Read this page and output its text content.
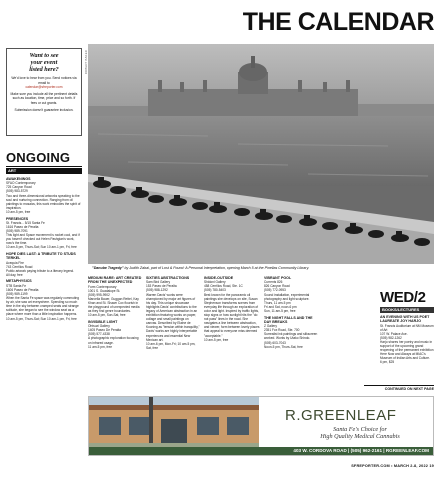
THE CALENDAR
Want to see
your event
listed here?

We'd love to hear from you. Send notices via email to
calendar@sfreporter.com

Make sure you include all the pertinent details such as location, time, price and so forth. If fees or cut grants.

Submission doesn't guarantee inclusion.

ROBERT BAKER
ONGOING
ART
AWAKENINGS
SFAO Contemporary
725 Canyon Road
(505) 983-5729
Two and three-dimensional artworks speaking to the soul and nurturing connection. Ranging from oil paintings to mosaics, this work embodies the spirit of inspiration.
10 am-5 pm, free
PRESENCES
St. Francis... 5/15 Santa Fe
1616 Paseo de Peralta
(505) 989-7091
This light and Space movement is rocket cool, and if you haven't checked out Helen Pashgian's work, now's the time.
10 am-5 pm, Thurs-Sat; Sun 10 am-1 pm, Fri, free
HOPE DIES LAST: A TRIBUTE TO STUDS TERKEL
Acequia Fire
743 Cerrillos Road
Public artwork paying tribute to a literary legend.
All day, free
METAPHYSICS
STB Santa Fe
1606 Paseo de Peralta
(505) 989-1199
When the Santa Fe space was regularly commuting by air, she saw art everywhere. Spending so much time in the sky between cramped seats and strange solitude, she began to see the window seat as a place where more than a little inspiration happens.
10 am-5 pm, Thurs-Sat; Sun 10 am-1 pm, Fri, free
"Danube Tragedy" by Judith Zabai, part of Lost & Found: A Personal Interpretation, opening March 5 at the Pinellas Community Library.
MEDIUM RARE: ART CREATED FROM THE UNEXPECTED
Form Contemporary
1001 S. Guadalupe St.
(505) 995-9902
Marcella Bauer, Guggan Rettel, Kay Khan and St. Shawn Cox flourish in the playground of unexpected media as they find genre boundaries.
10 am-5 pm, Sun-Sat, free
INVISIBLE LIGHT
Ohtsuzi Gallery
1405 Paseo De Peralta
(505) 577-4338
A photographic exploration focusing on infrared usage.
11 am-5 pm, free
SIXTIES ABSTRACTIONS
Sam Bird Gallery
153 Paseo de Peralta
(505) 988-1292
Warren Davis' works were championed by major art figures of his day. This unique showcase highlights Davis' contributions to the legacy of American abstraction in an exhibition featuring works on paper, collage and small paintings on canvas. Described by Elaine de Kooning as "tension within tranquility," Davis' works are highly interpretable experiences and essential New Mexican art.
10 am-6 pm, Mon-Fri; 10 am-5 pm, Sat, free
INSIDE-OUTSIDE
Shidoni Gallery
458 Cerrillos Road, Ste. 1C
(505) 780-5403
Best known for the panoramic oil paintings she develops on site, Susan Stephenson transforms scenes from everyday life through an exploration of color and light. Inspired by traffic lights, stop signs or how sunlight hits the "do not pass" lines in the road. She navigates a line between abstraction, and viewer, form between lovely places that appeal to everyone miss deemed "acceptable."
10 am-5 pm, free
VIBRANT POOL
Currents 826
826 Canyon Road
(505) 772-0953
Sound installation, experimental photography and light sculpture.
Thurs, 11 am-5 pm
Fri and Sat, noon-6 pm
Sun, 11 am-5 pm, free
THE NIGHT FALLS AND THE DAY BREAKS
Z Gallery
2351 Fox Road, Ste. 700
Surrealist ink paintings and silkscreen worked. Works by Utako Shindo.
(505) 603-7043
Noon-5 pm, Thurs-Sat, free
WED/2
BOOKS/LECTURES
AN EVENING WITH US POET LAUREATE JOY HARJO
St. Francis Auditorium at NM Museum of Art
107 W. Palace Ave.
(505) 982-1262
Harjo shares her poetry and music in support of the upcoming grand reopening of the permanent exhibition Here Now and Always at MIAC's Museum of Indian Arts and Culture.
6 pm, $25
CONTINUED ON NEXT PAGE
R.GREENLEAF
Santa Fe's Choice for
High Quality Medical Cannabis
403 W. CORDOVA ROAD | (505) 962-2161 | RGREENLEAF.COM
SFREPORTER.COM • MARCH 2-8, 2022 19
